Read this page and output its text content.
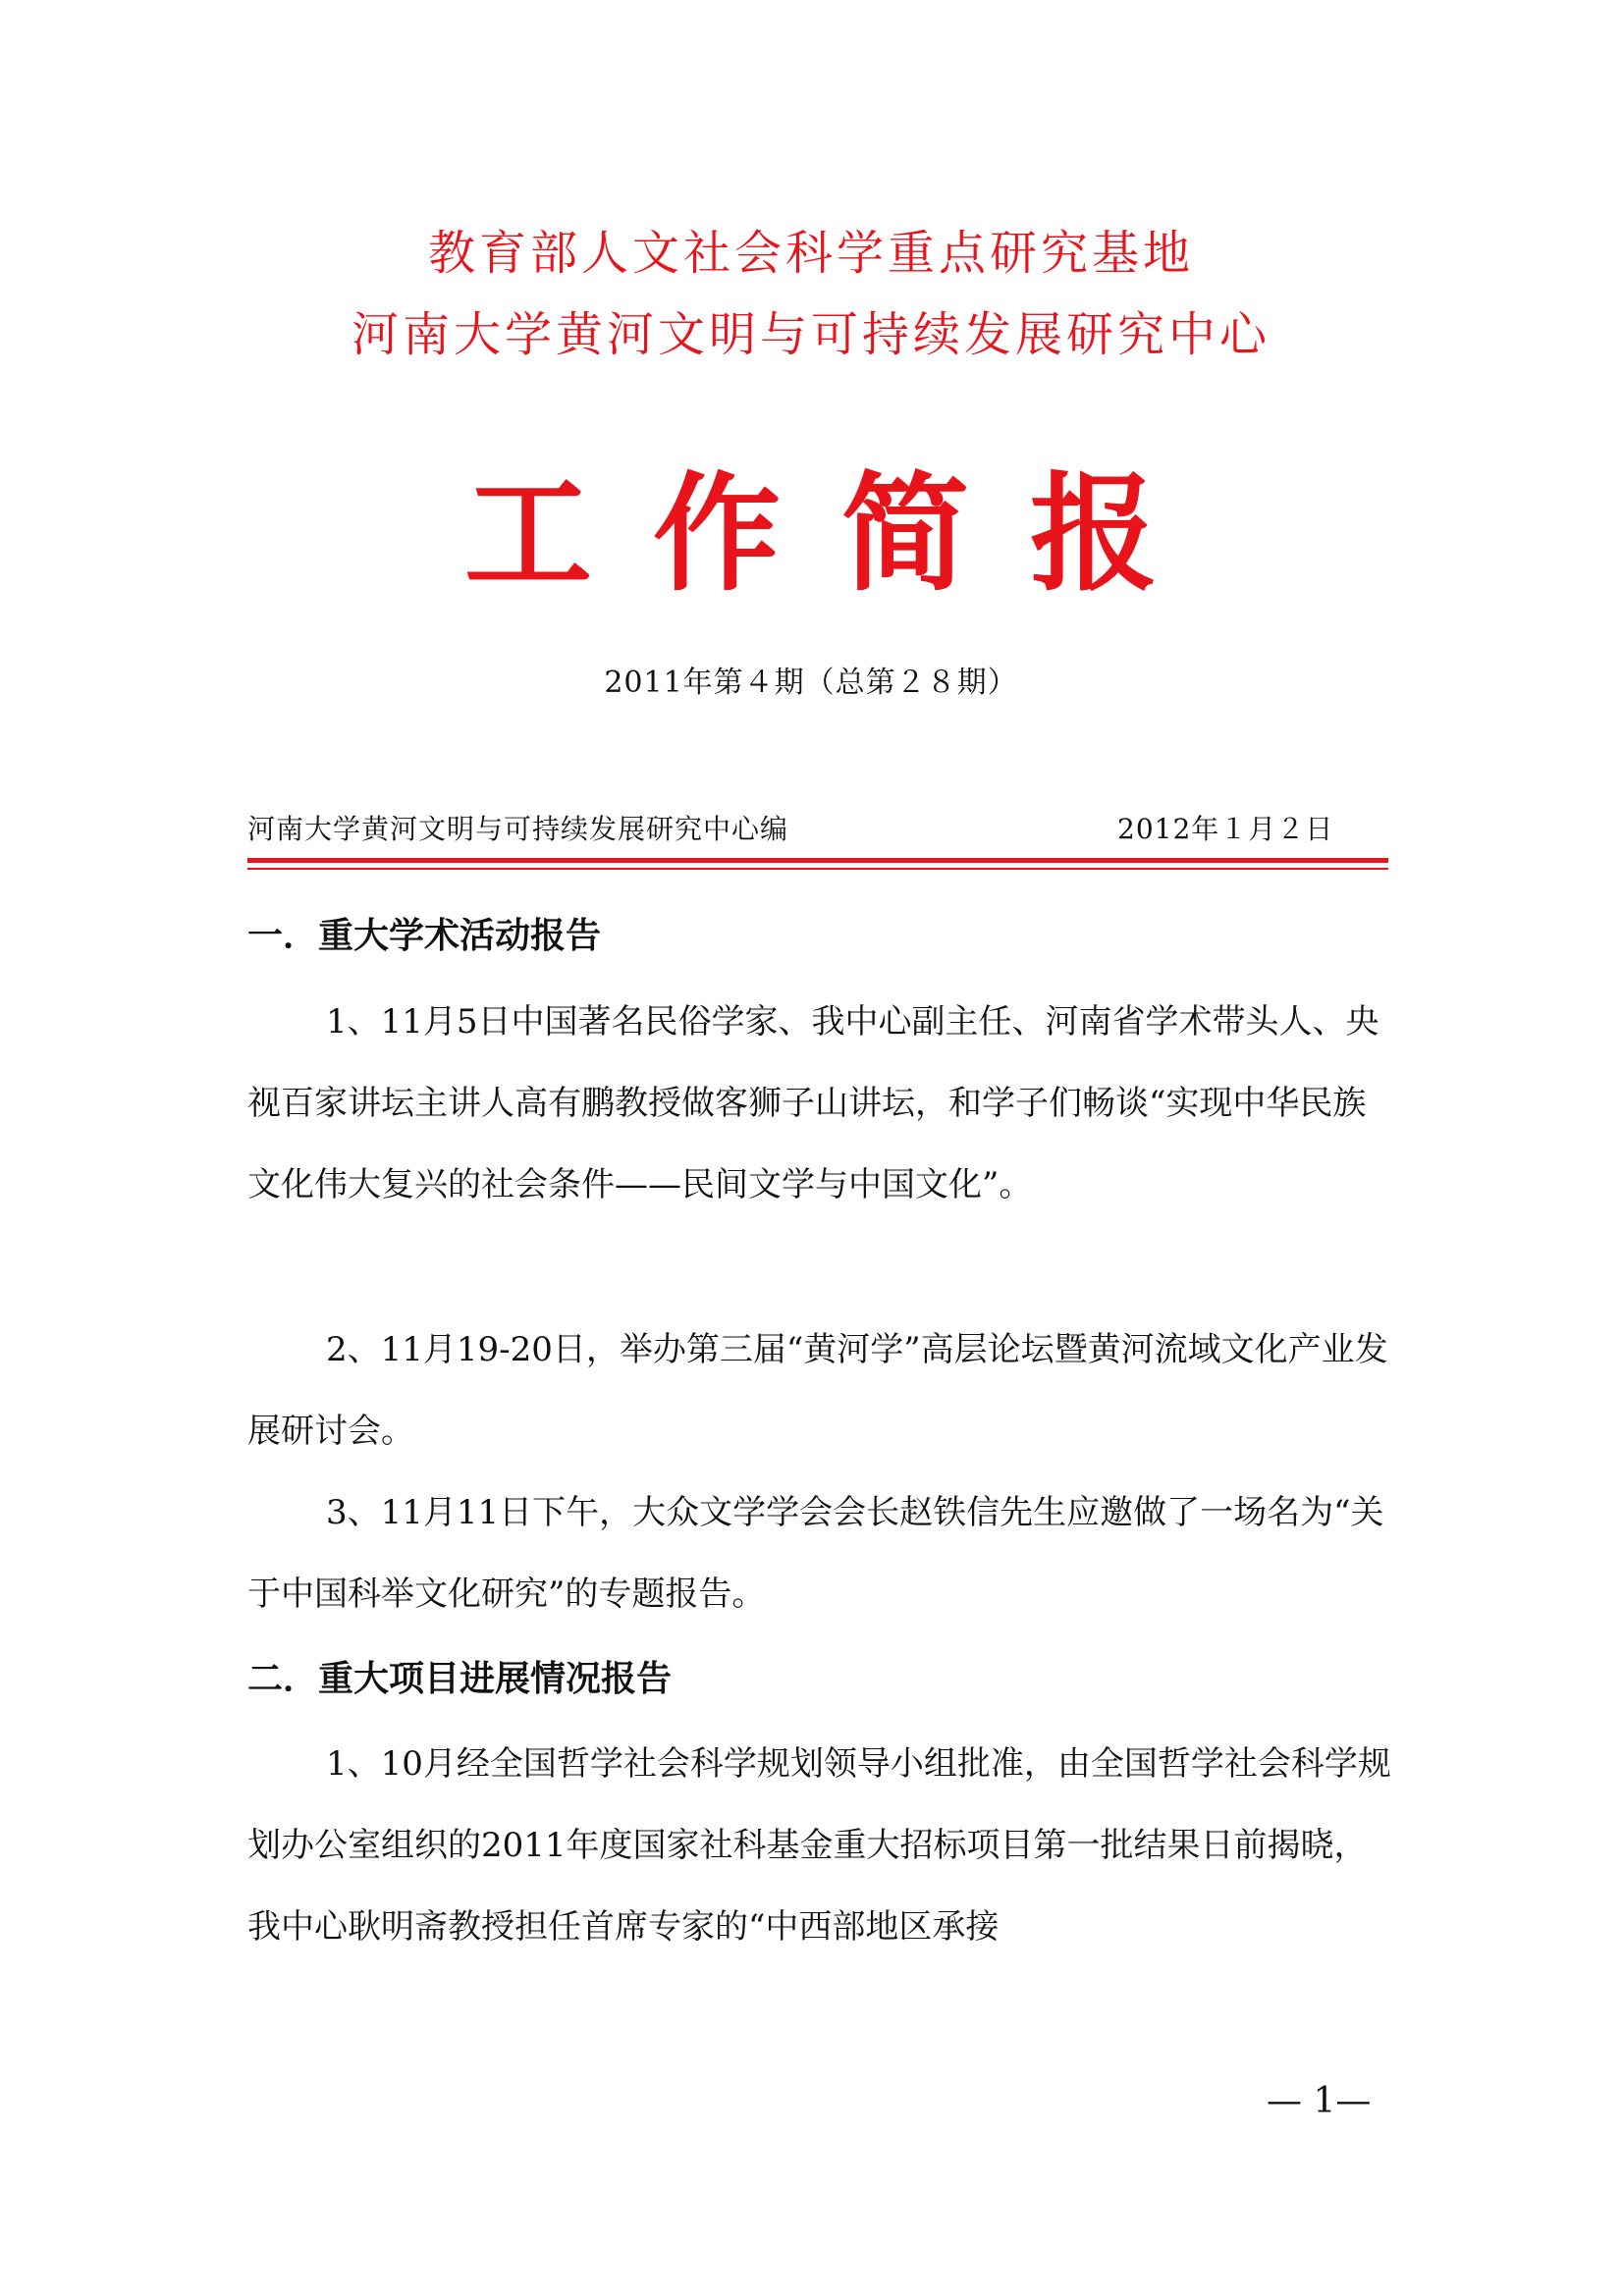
教育部人文社会科学重点研究基地
河南大学黄河文明与可持续发展研究中心
工作简报
2011年第４期（总第２８期）
河南大学黄河文明与可持续发展研究中心编	2012年１月２日
一．重大学术活动报告

1、11月5日中国著名民俗学家、我中心副主任、河南省学术带头人、央视百家讲坛主讲人高有鹏教授做客狮子山讲坛，和学子们畅谈“实现中华民族文化伟大复兴的社会条件——民间文学与中国文化”。

2、11月19-20日，举办第三届“黄河学”高层论坛暨黄河流域文化产业发展研讨会。

3、11月11日下午，大众文学学会会长赵铁信先生应邀做了一场名为“关于中国科举文化研究”的专题报告。

二．重大项目进展情况报告

1、10月经全国哲学社会科学规划领导小组批准，由全国哲学社会科学规划办公室组织的2011年度国家社科基金重大招标项目第一批结果日前揭晓，我中心耿明斋教授担任首席专家的“中西部地区承接

— 1—
